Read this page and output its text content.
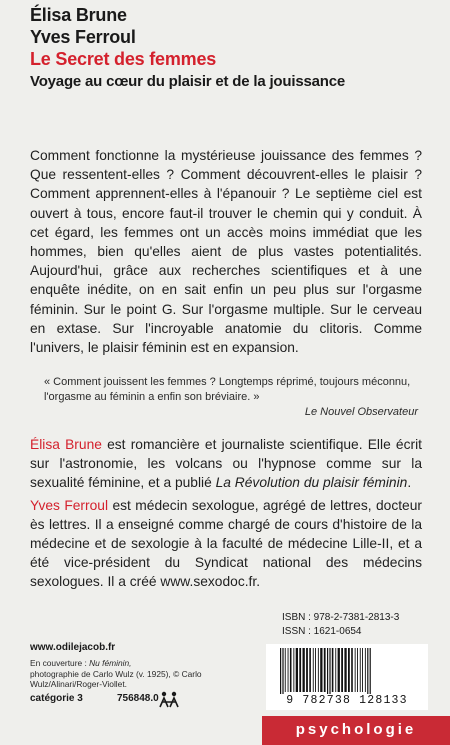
Élisa Brune
Yves Ferroul
Le Secret des femmes
Voyage au cœur du plaisir et de la jouissance

Comment fonctionne la mystérieuse jouissance des femmes ? Que ressentent-elles ? Comment découvrent-elles le plaisir ? Comment apprennent-elles à l'épanouir ? Le septième ciel est ouvert à tous, encore faut-il trouver le chemin qui y conduit. À cet égard, les femmes ont un accès moins immédiat que les hommes, bien qu'elles aient de plus vastes potentialités. Aujourd'hui, grâce aux recherches scientifiques et à une enquête inédite, on en sait enfin un peu plus sur l'orgasme féminin. Sur le point G. Sur l'orgasme multiple. Sur le cerveau en extase. Sur l'incroyable anatomie du clitoris. Comme l'univers, le plaisir féminin est en expansion.

« Comment jouissent les femmes ? Longtemps réprimé, toujours méconnu, l'orgasme au féminin a enfin son bréviaire. »
Le Nouvel Observateur

Élisa Brune est romancière et journaliste scientifique. Elle écrit sur l'astronomie, les volcans ou l'hypnose comme sur la sexualité féminine, et a publié La Révolution du plaisir féminin.

Yves Ferroul est médecin sexologue, agrégé de lettres, docteur ès lettres. Il a enseigné comme chargé de cours d'histoire de la médecine et de sexologie à la faculté de médecine Lille-II, et a été vice-président du Syndicat national des médecins sexologues. Il a créé www.sexodoc.fr.

ISBN : 978-2-7381-2813-3
ISSN : 1621-0654
9 782738 128133
www.odilejacob.fr
En couverture : Nu féminin,
photographie de Carlo Wulz (v. 1925), © Carlo Wulz/Alinari/Roger-Viollet.
catégorie 3	756848.0
psychologie
